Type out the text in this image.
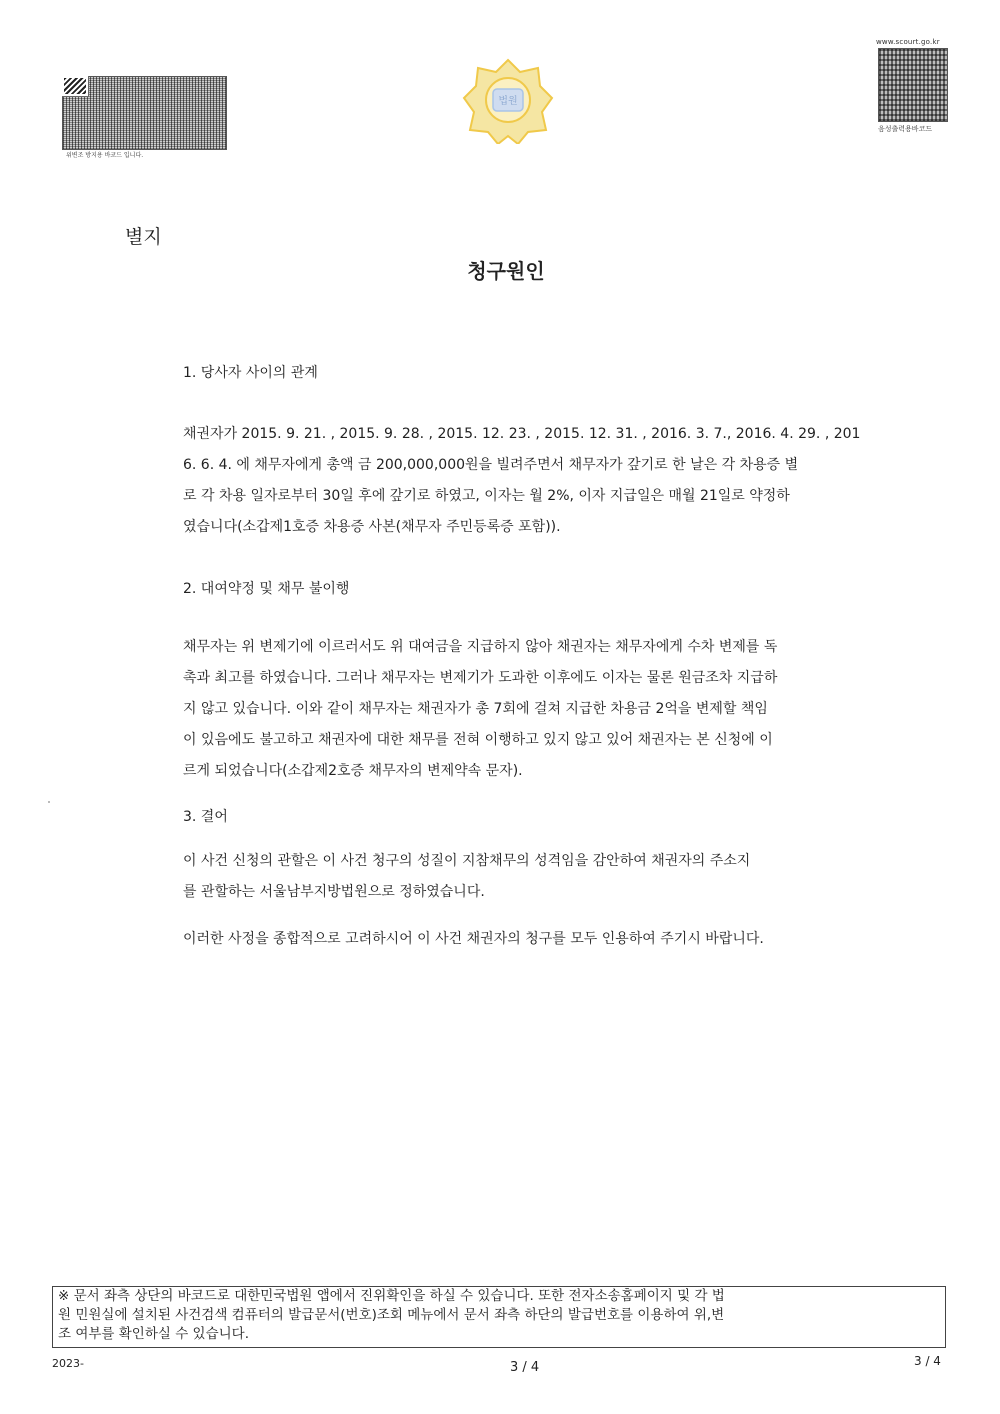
위변조 방지용 바코드 입니다.
법원
www.scourt.go.kr
음성출력용바코드
별지
청구원인
1. 당사자 사이의 관계
채권자가 2015. 9. 21. , 2015. 9. 28. , 2015. 12. 23. , 2015. 12. 31. , 2016. 3. 7., 2016. 4. 29. , 201
6. 6. 4. 에 채무자에게 총액 금 200,000,000원을 빌려주면서 채무자가 갚기로 한 날은 각 차용증 별
로 각 차용 일자로부터 30일 후에 갚기로 하였고, 이자는 월 2%, 이자 지급일은 매월 21일로 약정하
였습니다(소갑제1호증 차용증 사본(채무자 주민등록증 포함)).
2. 대여약정 및 채무 불이행
채무자는 위 변제기에 이르러서도 위 대여금을 지급하지 않아 채권자는 채무자에게 수차 변제를 독
촉과 최고를 하였습니다. 그러나 채무자는 변제기가 도과한 이후에도 이자는 물론 원금조차 지급하
지 않고 있습니다. 이와 같이 채무자는 채권자가 총 7회에 걸쳐 지급한 차용금 2억을 변제할 책임
이 있음에도 불고하고 채권자에 대한 채무를 전혀 이행하고 있지 않고 있어 채권자는 본 신청에 이
르게 되었습니다(소갑제2호증 채무자의 변제약속 문자).
3. 결어
이 사건 신청의 관할은 이 사건 청구의 성질이 지참채무의 성격임을 감안하여 채권자의 주소지
를 관할하는 서울남부지방법원으로 정하였습니다.
이러한 사정을 종합적으로 고려하시어 이 사건 채권자의 청구를 모두 인용하여 주기시 바랍니다.
※ 문서 좌측 상단의 바코드로 대한민국법원 앱에서 진위확인을 하실 수 있습니다. 또한 전자소송홈페이지 및 각 법
원 민원실에 설치된 사건검색 컴퓨터의 발급문서(번호)조회 메뉴에서 문서 좌측 하단의 발급번호를 이용하여 위,변
조 여부를 확인하실 수 있습니다.
2023-	3 / 4	3 / 4
